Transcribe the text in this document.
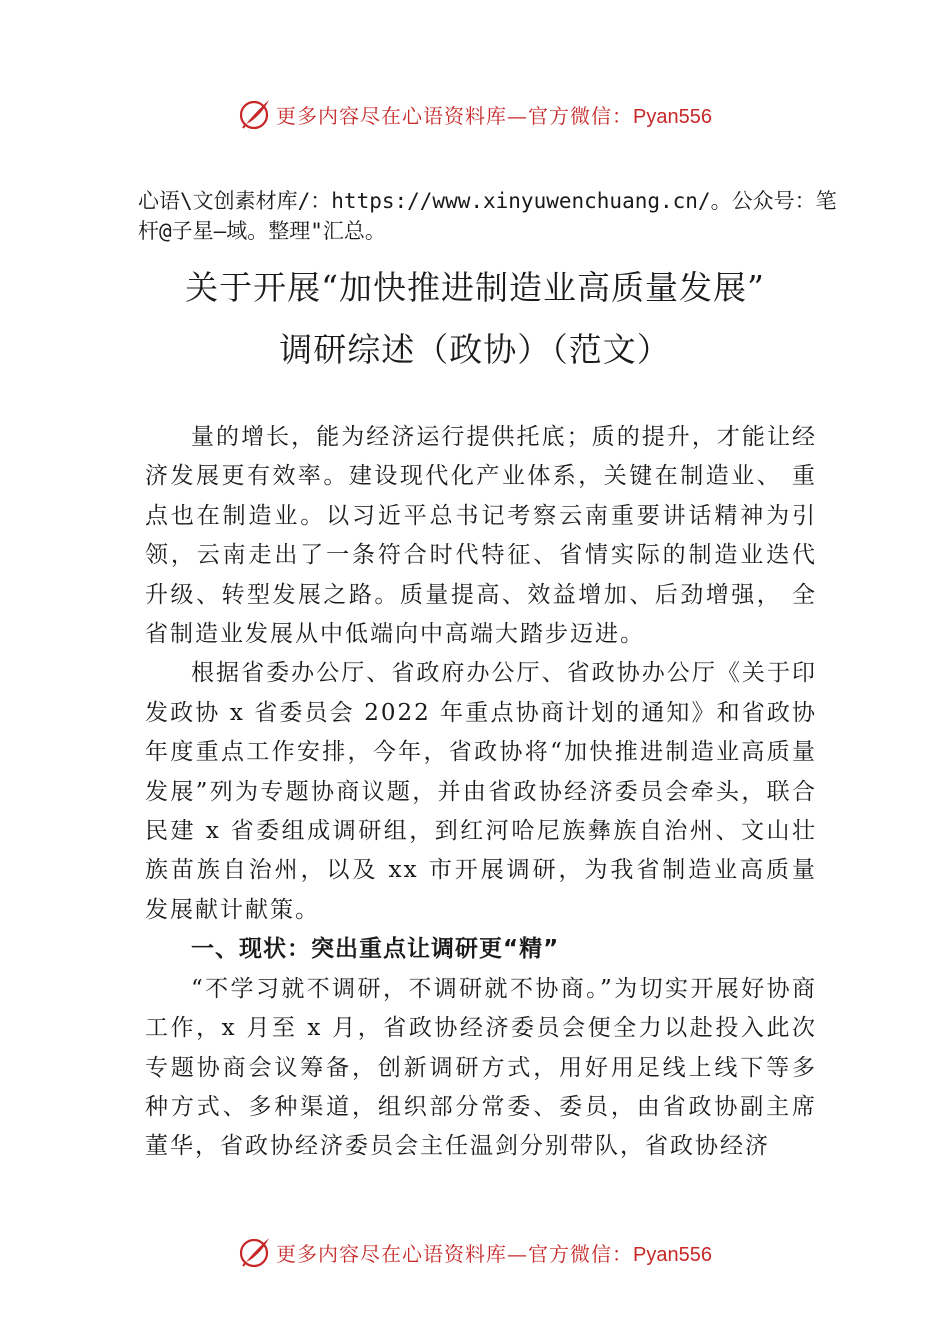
更多内容尽在心语资料库—官方微信：Pyan556
心语\文创素材库/：https://www.xinyuwenchuang.cn/。公众号：笔杆@子星—域。整理"汇总。
关于开展“加快推进制造业高质量发展”
调研综述（政协）（范文）

量的增长，能为经济运行提供托底；质的提升，才能让经济发展更有效率。建设现代化产业体系，关键在制造业、 重点也在制造业。以习近平总书记考察云南重要讲话精神为引领，云南走出了一条符合时代特征、省情实际的制造业迭代升级、转型发展之路。质量提高、效益增加、后劲增强， 全省制造业发展从中低端向中高端大踏步迈进。

根据省委办公厅、省政府办公厅、省政协办公厅《关于印发政协 x 省委员会 2022 年重点协商计划的通知》和省政协年度重点工作安排，今年，省政协将“加快推进制造业高质量发展”列为专题协商议题，并由省政协经济委员会牵头，联合民建 x 省委组成调研组，到红河哈尼族彝族自治州、文山壮族苗族自治州，以及 xx 市开展调研，为我省制造业高质量发展献计献策。

一、现状：突出重点让调研更“精”

“不学习就不调研，不调研就不协商。”为切实开展好协商工作，x 月至 x 月，省政协经济委员会便全力以赴投入此次专题协商会议筹备，创新调研方式，用好用足线上线下等多种方式、多种渠道，组织部分常委、委员，由省政协副主席董华，省政协经济委员会主任温剑分别带队，省政协经济

更多内容尽在心语资料库—官方微信：Pyan556
